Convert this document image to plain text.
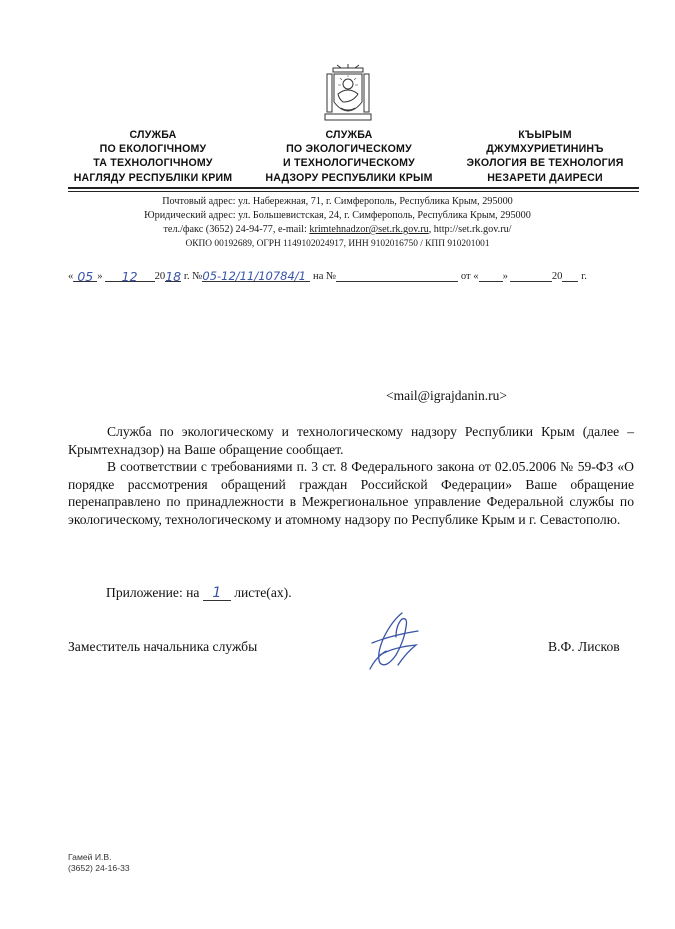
СЛУЖБА
ПО ЕКОЛОГІЧНОМУ
ТА ТЕХНОЛОГІЧНОМУ
НАГЛЯДУ РЕСПУБЛІКИ КРИМ
СЛУЖБА
ПО ЭКОЛОГИЧЕСКОМУ
И ТЕХНОЛОГИЧЕСКОМУ
НАДЗОРУ РЕСПУБЛИКИ КРЫМ
КЪЫРЫМ
ДЖУМХУРИЕТИНИНЪ
ЭКОЛОГИЯ ВЕ ТЕХНОЛОГИЯ
НЕЗАРЕТИ ДАИРЕСИ
Почтовый адрес: ул. Набережная, 71, г. Симферополь, Республика Крым, 295000
Юридический адрес: ул. Большевистская, 24, г. Симферополь, Республика Крым, 295000
тел./факс (3652) 24-94-77, e-mail: krimtehnadzor@set.rk.gov.ru, http://set.rk.gov.ru/
ОКПО 00192689, ОГРН 1149102024917, ИНН 9102016750 / КПП 910201001
« 05 » 12 2018 г. №05-12/11/10784/1 на №	от « »	20 г.
<mail@igrajdanin.ru>

Служба по экологическому и технологическому надзору Республики Крым (далее – Крымтехнадзор) на Ваше обращение сообщает.

В соответствии с требованиями п. 3 ст. 8 Федерального закона от 02.05.2006 № 59-ФЗ «О порядке рассмотрения обращений граждан Российской Федерации» Ваше обращение перенаправлено по принадлежности в Межрегиональное управление Федеральной службы по экологическому, технологическому и атомному надзору по Республике Крым и г. Севастополю.

Приложение: на 1 листе(ах).
Заместитель начальника службы	В.Ф. Лисков
Гамей И.В.
(3652) 24-16-33
